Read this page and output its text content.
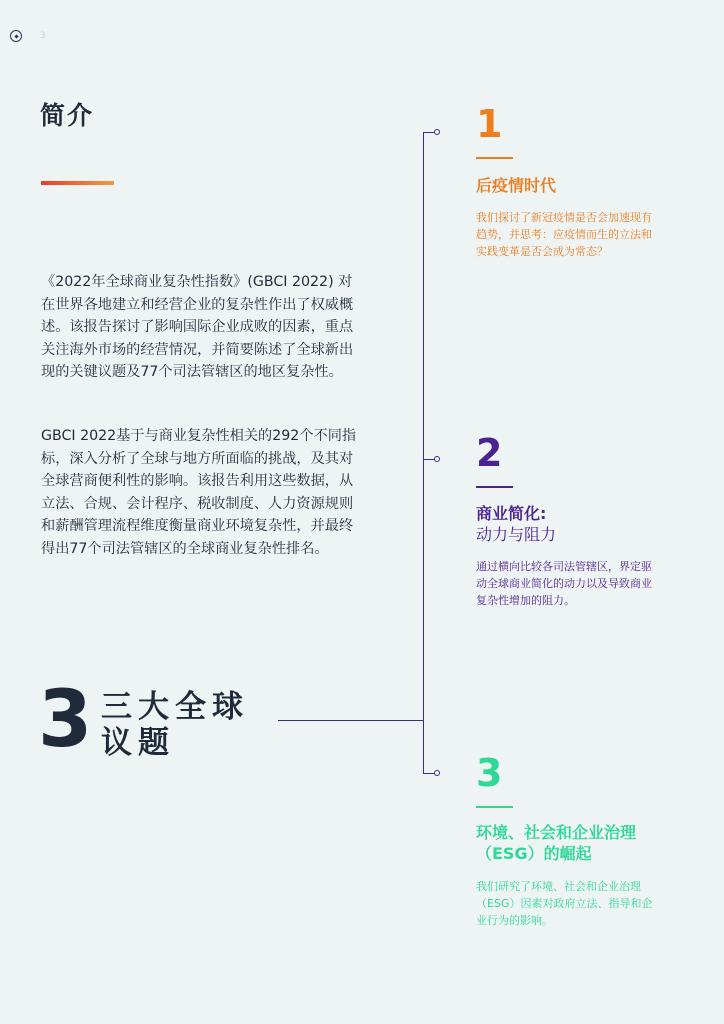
3
简介
《2022年全球商业复杂性指数》(GBCI 2022) 对在世界各地建立和经营企业的复杂性作出了权威概述。该报告探讨了影响国际企业成败的因素，重点关注海外市场的经营情况，并简要陈述了全球新出现的关键议题及77个司法管辖区的地区复杂性。
GBCI 2022基于与商业复杂性相关的292个不同指标，深入分析了全球与地方所面临的挑战，及其对全球营商便利性的影响。该报告利用这些数据，从立法、合规、会计程序、税收制度、人力资源规则和薪酬管理流程维度衡量商业环境复杂性，并最终得出77个司法管辖区的全球商业复杂性排名。
3 三大全球
议题
1
后疫情时代
我们探讨了新冠疫情是否会加速现有趋势，并思考：应疫情而生的立法和实践变革是否会成为常态？
2
商业简化:
动力与阻力
通过横向比较各司法管辖区，界定驱动全球商业简化的动力以及导致商业复杂性增加的阻力。
3
环境、社会和企业治理（ESG）的崛起
我们研究了环境、社会和企业治理（ESG）因素对政府立法、指导和企业行为的影响。
